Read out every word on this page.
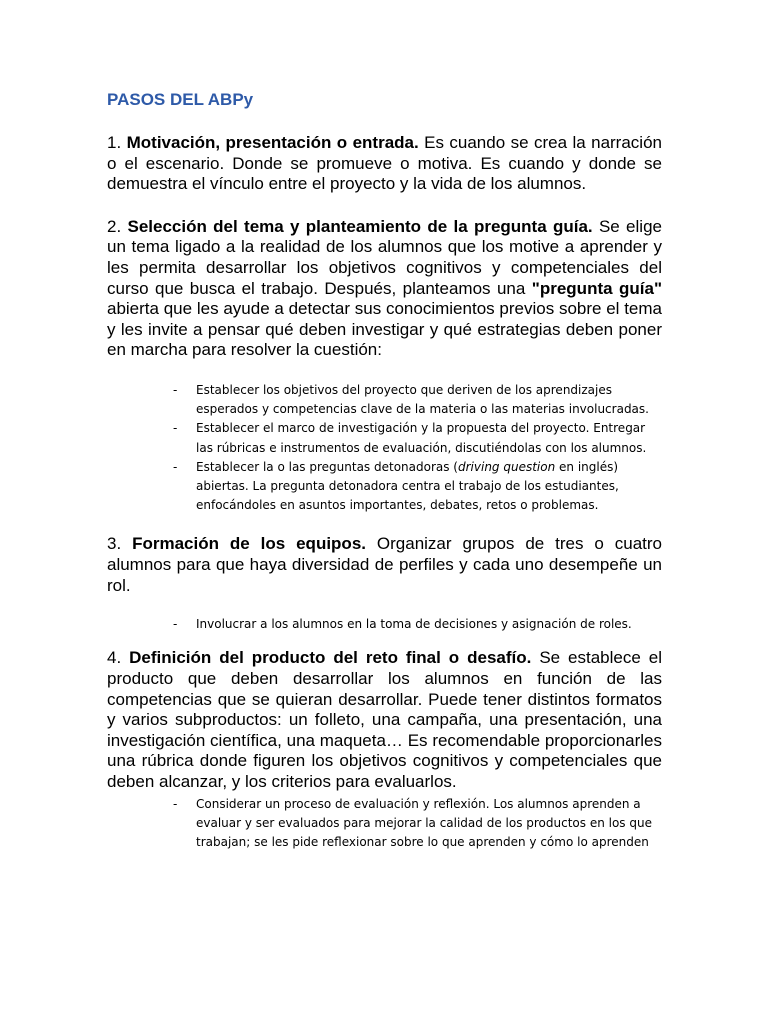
PASOS DEL ABPy

1. Motivación, presentación o entrada. Es cuando se crea la narración o el escenario. Donde se promueve o motiva. Es cuando y donde se demuestra el vínculo entre el proyecto y la vida de los alumnos.

2. Selección del tema y planteamiento de la pregunta guía. Se elige un tema ligado a la realidad de los alumnos que los motive a aprender y les permita desarrollar los objetivos cognitivos y competenciales del curso que busca el trabajo. Después, planteamos una "pregunta guía" abierta que les ayude a detectar sus conocimientos previos sobre el tema y les invite a pensar qué deben investigar y qué estrategias deben poner en marcha para resolver la cuestión:

- Establecer los objetivos del proyecto que deriven de los aprendizajes esperados y competencias clave de la materia o las materias involucradas.
- Establecer el marco de investigación y la propuesta del proyecto. Entregar las rúbricas e instrumentos de evaluación, discutiéndolas con los alumnos.
- Establecer la o las preguntas detonadoras (driving question en inglés) abiertas. La pregunta detonadora centra el trabajo de los estudiantes, enfocándoles en asuntos importantes, debates, retos o problemas.

3. Formación de los equipos. Organizar grupos de tres o cuatro alumnos para que haya diversidad de perfiles y cada uno desempeñe un rol.

- Involucrar a los alumnos en la toma de decisiones y asignación de roles.

4. Definición del producto del reto final o desafío. Se establece el producto que deben desarrollar los alumnos en función de las competencias que se quieran desarrollar. Puede tener distintos formatos y varios subproductos: un folleto, una campaña, una presentación, una investigación científica, una maqueta… Es recomendable proporcionarles una rúbrica donde figuren los objetivos cognitivos y competenciales que deben alcanzar, y los criterios para evaluarlos.

- Considerar un proceso de evaluación y reflexión. Los alumnos aprenden a evaluar y ser evaluados para mejorar la calidad de los productos en los que trabajan; se les pide reflexionar sobre lo que aprenden y cómo lo aprenden
